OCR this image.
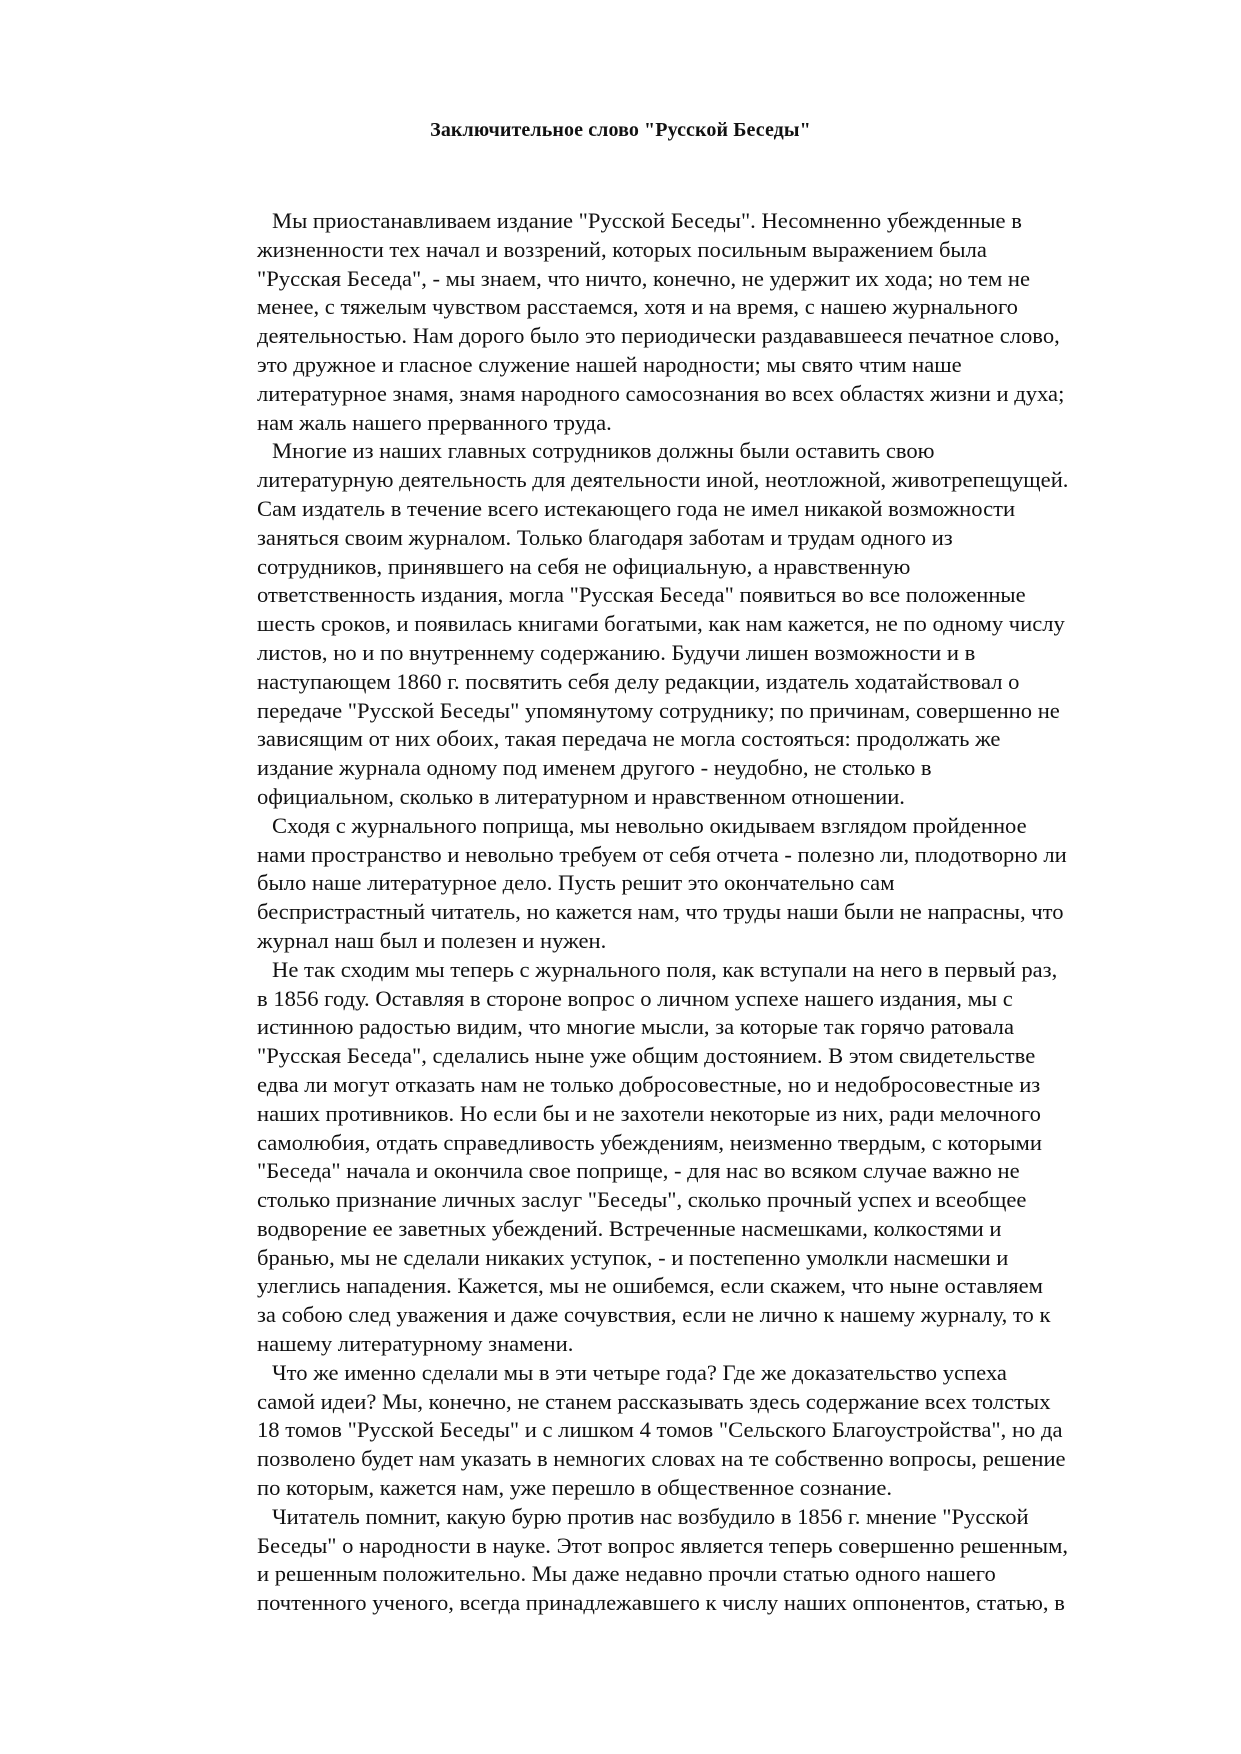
Заключительное слово "Русской Беседы"
Мы приостанавливаем издание "Русской Беседы". Несомненно убежденные в
жизненности тех начал и воззрений, которых посильным выражением была
"Русская Беседа", - мы знаем, что ничто, конечно, не удержит их хода; но тем не
менее, с тяжелым чувством расстаемся, хотя и на время, с нашею журнального
деятельностью. Нам дорого было это периодически раздававшееся печатное слово,
это дружное и гласное служение нашей народности; мы свято чтим наше
литературное знамя, знамя народного самосознания во всех областях жизни и духа;
нам жаль нашего прерванного труда.
Многие из наших главных сотрудников должны были оставить свою
литературную деятельность для деятельности иной, неотложной, животрепещущей.
Сам издатель в течение всего истекающего года не имел никакой возможности
заняться своим журналом. Только благодаря заботам и трудам одного из
сотрудников, принявшего на себя не официальную, а нравственную
ответственность издания, могла "Русская Беседа" появиться во все положенные
шесть сроков, и появилась книгами богатыми, как нам кажется, не по одному числу
листов, но и по внутреннему содержанию. Будучи лишен возможности и в
наступающем 1860 г. посвятить себя делу редакции, издатель ходатайствовал о
передаче "Русской Беседы" упомянутому сотруднику; по причинам, совершенно не
зависящим от них обоих, такая передача не могла состояться: продолжать же
издание журнала одному под именем другого - неудобно, не столько в
официальном, сколько в литературном и нравственном отношении.
Сходя с журнального поприща, мы невольно окидываем взглядом пройденное
нами пространство и невольно требуем от себя отчета - полезно ли, плодотворно ли
было наше литературное дело. Пусть решит это окончательно сам
беспристрастный читатель, но кажется нам, что труды наши были не напрасны, что
журнал наш был и полезен и нужен.
Не так сходим мы теперь с журнального поля, как вступали на него в первый раз,
в 1856 году. Оставляя в стороне вопрос о личном успехе нашего издания, мы с
истинною радостью видим, что многие мысли, за которые так горячо ратовала
"Русская Беседа", сделались ныне уже общим достоянием. В этом свидетельстве
едва ли могут отказать нам не только добросовестные, но и недобросовестные из
наших противников. Но если бы и не захотели некоторые из них, ради мелочного
самолюбия, отдать справедливость убеждениям, неизменно твердым, с которыми
"Беседа" начала и окончила свое поприще, - для нас во всяком случае важно не
столько признание личных заслуг "Беседы", сколько прочный успех и всеобщее
водворение ее заветных убеждений. Встреченные насмешками, колкостями и
бранью, мы не сделали никаких уступок, - и постепенно умолкли насмешки и
улеглись нападения. Кажется, мы не ошибемся, если скажем, что ныне оставляем
за собою след уважения и даже сочувствия, если не лично к нашему журналу, то к
нашему литературному знамени.
Что же именно сделали мы в эти четыре года? Где же доказательство успеха
самой идеи? Мы, конечно, не станем рассказывать здесь содержание всех толстых
18 томов "Русской Беседы" и с лишком 4 томов "Сельского Благоустройства", но да
позволено будет нам указать в немногих словах на те собственно вопросы, решение
по которым, кажется нам, уже перешло в общественное сознание.
Читатель помнит, какую бурю против нас возбудило в 1856 г. мнение "Русской
Беседы" о народности в науке. Этот вопрос является теперь совершенно решенным,
и решенным положительно. Мы даже недавно прочли статью одного нашего
почтенного ученого, всегда принадлежавшего к числу наших оппонентов, статью, в
